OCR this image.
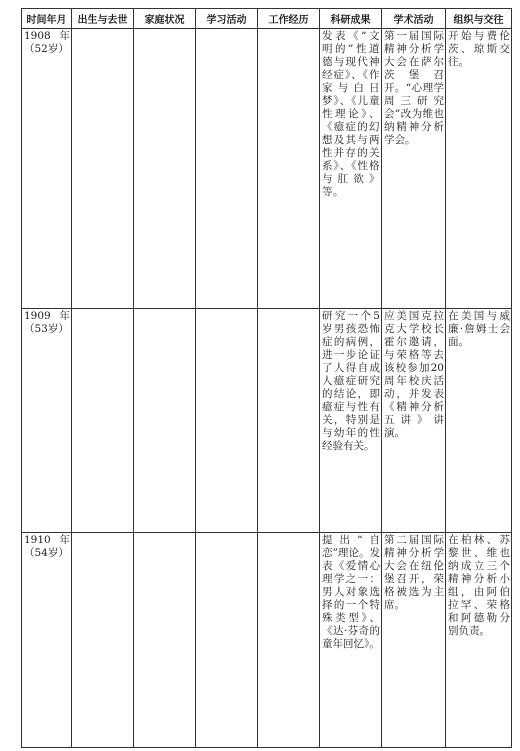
时间年月	出生与去世	家庭状况	学习活动	工作经历	科研成果	学术活动	组织与交往

1908年（52岁）					发表《“文明的”性道德与现代神经症》、《作家与白日梦》、《儿童性理论》、《癔症的幻想及其与两性并存的关系》、《性格与肛欲》等。	第一届国际精神分析学大会在萨尔茨堡召开。“心理学周三研究会”改为维也纳精神分析学会。	开始与费伦茨、琼斯交往。

1909年（53岁）					研究一个5岁男孩恐怖症的病例，进一步论证了人得自成人癔症研究的结论，即癔症与性有关，特别是与幼年的性经验有关。	应美国克拉克大学校长霍尔邀请，与荣格等去该校参加20周年校庆活动，并发表《精神分析五讲》讲演。	在美国与威廉·詹姆士会面。

1910年（54岁）					提出“自恋”理论。发表《爱情心理学之一：男人对象选择的一个特殊类型》、《达·芬奇的童年回忆》。	第二届国际精神分析学大会在纽伦堡召开，荣格被选为主席。	在柏林、苏黎世、维也纳成立三个精神分析小组，由阿伯拉罕、荣格和阿德勒分别负责。
